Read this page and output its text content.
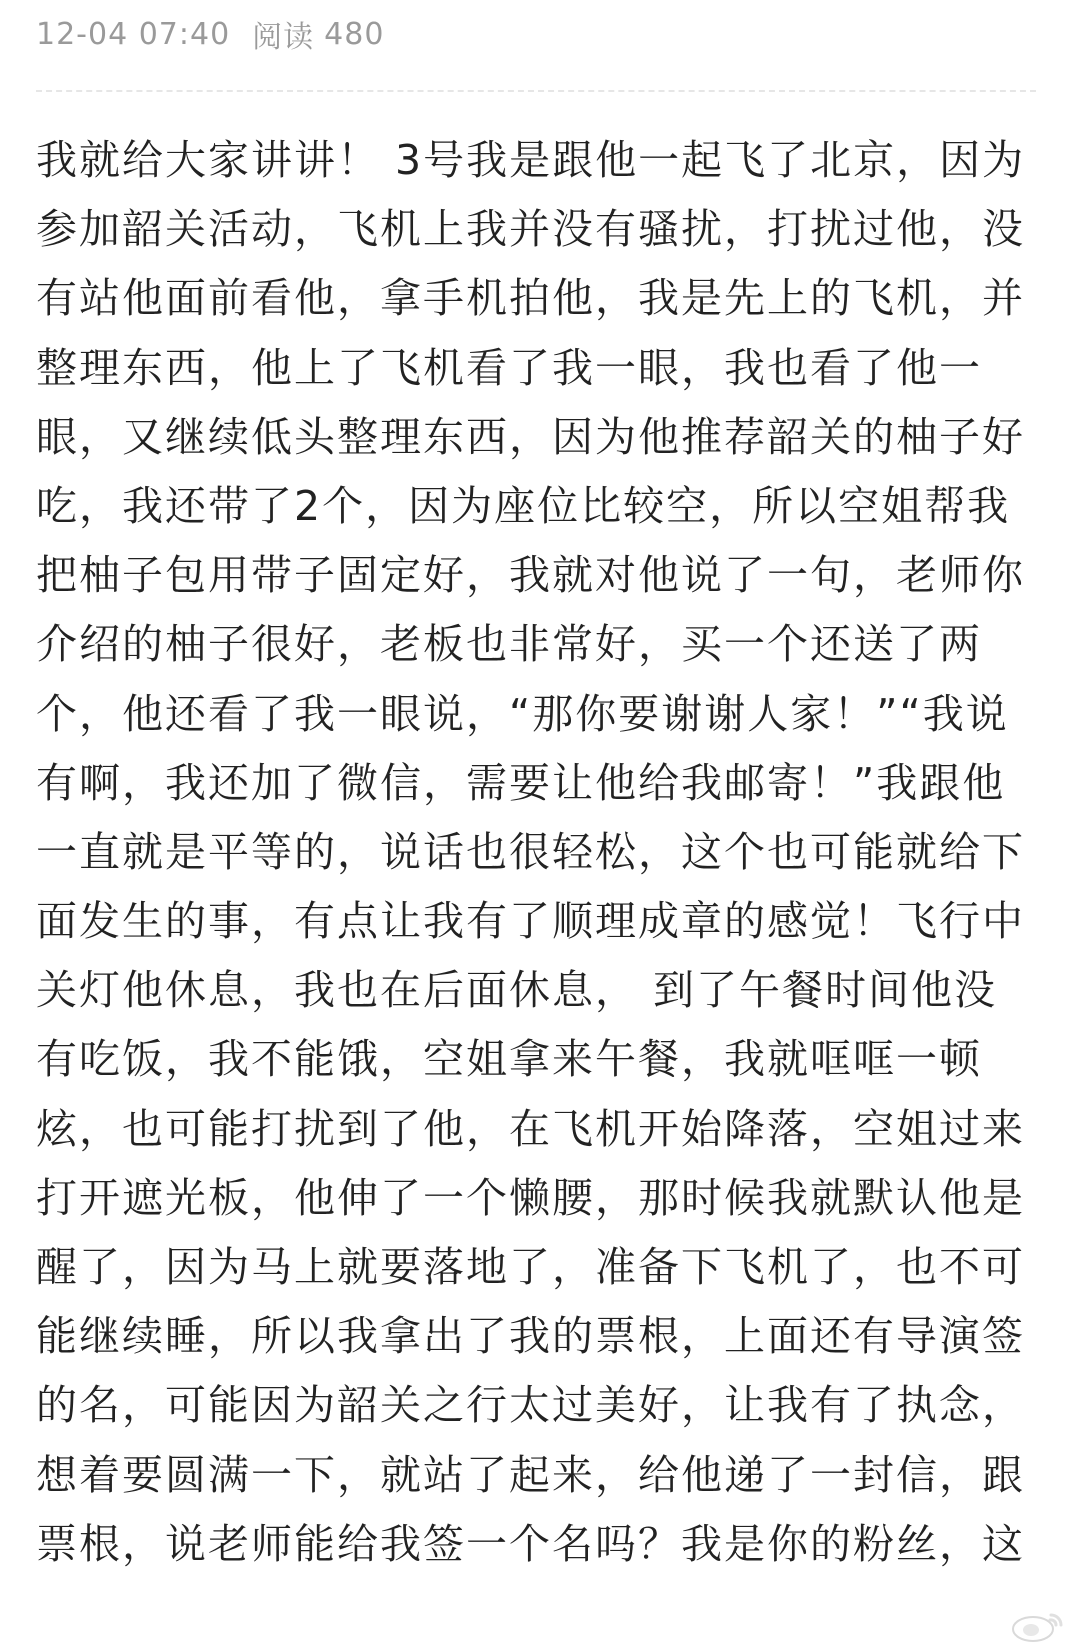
12-04 07:40 阅读 480
我就给大家讲讲！ 3号我是跟他一起飞了北京，因为
参加韶关活动，飞机上我并没有骚扰，打扰过他，没
有站他面前看他，拿手机拍他，我是先上的飞机，并
整理东西，他上了飞机看了我一眼，我也看了他一
眼，又继续低头整理东西，因为他推荐韶关的柚子好
吃，我还带了2个，因为座位比较空，所以空姐帮我
把柚子包用带子固定好，我就对他说了一句，老师你
介绍的柚子很好，老板也非常好，买一个还送了两
个，他还看了我一眼说，“那你要谢谢人家！”“我说
有啊，我还加了微信，需要让他给我邮寄！”我跟他
一直就是平等的，说话也很轻松，这个也可能就给下
面发生的事，有点让我有了顺理成章的感觉！飞行中
关灯他休息，我也在后面休息， 到了午餐时间他没
有吃饭，我不能饿，空姐拿来午餐，我就哐哐一顿
炫，也可能打扰到了他，在飞机开始降落，空姐过来
打开遮光板，他伸了一个懒腰，那时候我就默认他是
醒了，因为马上就要落地了，准备下飞机了，也不可
能继续睡，所以我拿出了我的票根，上面还有导演签
的名，可能因为韶关之行太过美好，让我有了执念，
想着要圆满一下，就站了起来，给他递了一封信，跟
票根，说老师能给我签一个名吗？我是你的粉丝，这
